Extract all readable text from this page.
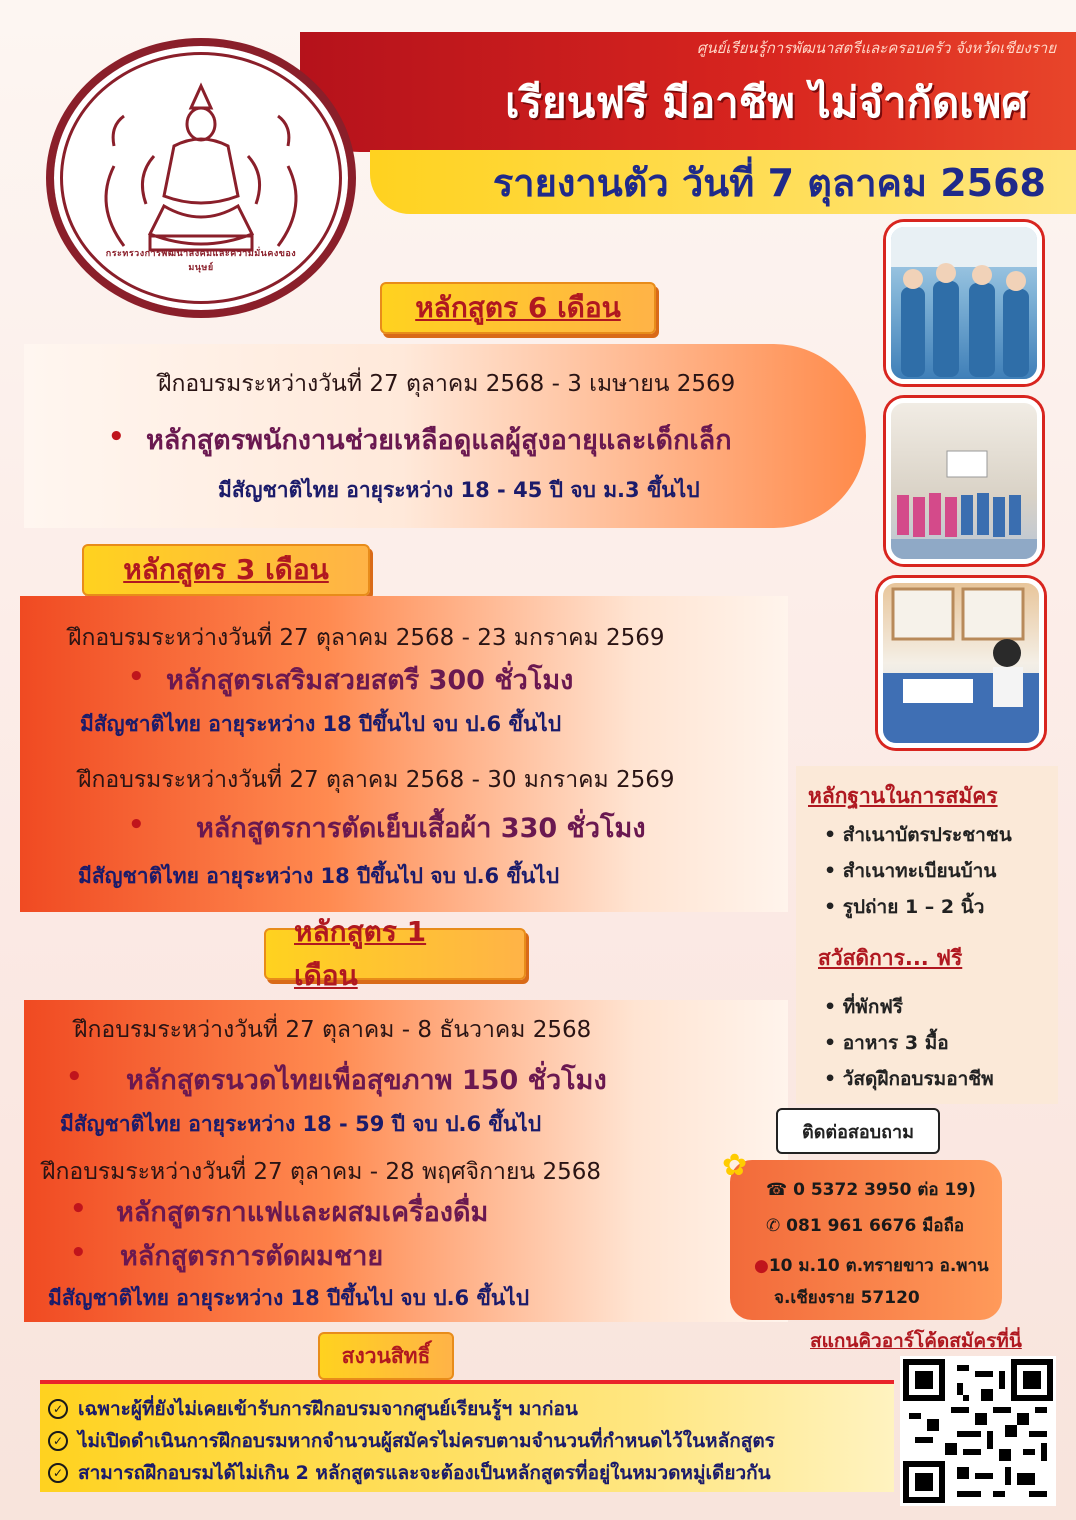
ศูนย์เรียนรู้การพัฒนาสตรีและครอบครัว จังหวัดเชียงราย
เรียนฟรี มีอาชีพ ไม่จำกัดเพศ
รายงานตัว วันที่ 7 ตุลาคม 2568
กระทรวงการพัฒนาสังคมและความมั่นคงของมนุษย์
หลักสูตร 6 เดือน
ฝึกอบรมระหว่างวันที่ 27 ตุลาคม 2568 - 3 เมษายน 2569
• หลักสูตรพนักงานช่วยเหลือดูแลผู้สูงอายุและเด็กเล็ก
มีสัญชาติไทย อายุระหว่าง 18 - 45 ปี จบ ม.3 ขึ้นไป
หลักสูตร 3 เดือน
ฝึกอบรมระหว่างวันที่ 27 ตุลาคม 2568 - 23 มกราคม 2569
• หลักสูตรเสริมสวยสตรี 300 ชั่วโมง
มีสัญชาติไทย อายุระหว่าง 18 ปีขึ้นไป จบ ป.6 ขึ้นไป
ฝึกอบรมระหว่างวันที่ 27 ตุลาคม 2568 - 30 มกราคม 2569
• หลักสูตรการตัดเย็บเสื้อผ้า 330 ชั่วโมง
มีสัญชาติไทย อายุระหว่าง 18 ปีขึ้นไป จบ ป.6 ขึ้นไป
หลักสูตร 1 เดือน
ฝึกอบรมระหว่างวันที่ 27 ตุลาคม - 8 ธันวาคม 2568
• หลักสูตรนวดไทยเพื่อสุขภาพ 150 ชั่วโมง
มีสัญชาติไทย อายุระหว่าง 18 - 59 ปี จบ ป.6 ขึ้นไป
ฝึกอบรมระหว่างวันที่ 27 ตุลาคม - 28 พฤศจิกายน 2568
• หลักสูตรกาแฟและผสมเครื่องดื่ม
• หลักสูตรการตัดผมชาย
มีสัญชาติไทย อายุระหว่าง 18 ปีขึ้นไป จบ ป.6 ขึ้นไป
หลักฐานในการสมัคร
• สำเนาบัตรประชาชน
• สำเนาทะเบียนบ้าน
• รูปถ่าย 1 – 2 นิ้ว
สวัสดิการ... ฟรี
• ที่พักฟรี
• อาหาร 3 มื้อ
• วัสดุฝึกอบรมอาชีพ
ติดต่อสอบถาม
✿
☎ 0 5372 3950 ต่อ 19)
✆ 081 961 6676 มือถือ
●10 ม.10 ต.ทรายขาว อ.พาน
จ.เชียงราย 57120
สแกนคิวอาร์โค้ดสมัครที่นี่
สงวนสิทธิ์
✓ เฉพาะผู้ที่ยังไม่เคยเข้ารับการฝึกอบรมจากศูนย์เรียนรู้ฯ มาก่อน
✓ ไม่เปิดดำเนินการฝึกอบรมหากจำนวนผู้สมัครไม่ครบตามจำนวนที่กำหนดไว้ในหลักสูตร
✓ สามารถฝึกอบรมได้ไม่เกิน 2 หลักสูตรและจะต้องเป็นหลักสูตรที่อยู่ในหมวดหมู่เดียวกัน
